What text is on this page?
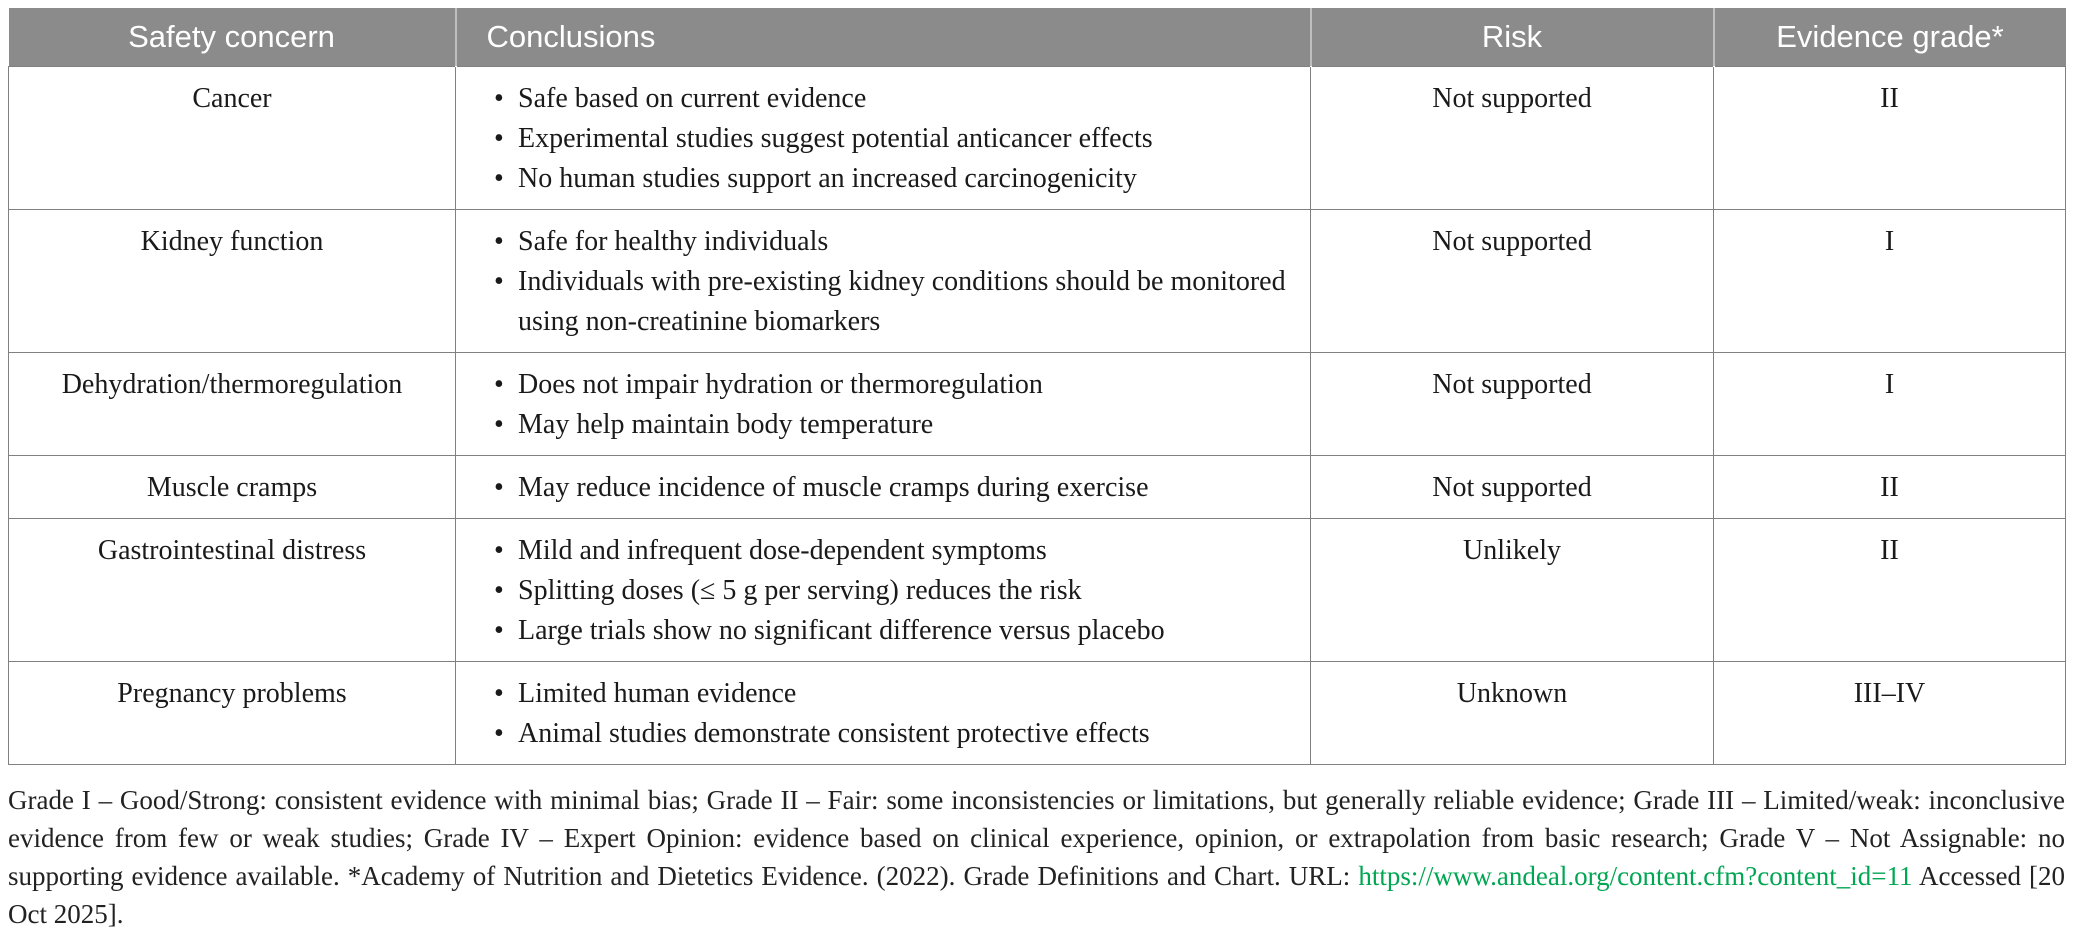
Safety concern	Conclusions	Risk	Evidence grade*
Cancer	
•Safe based on current evidence
• Experimental studies suggest potential anticancer effects
• No human studies support an increased carcinogenicity
	Not supported	II
Kidney function	
•Safe for healthy individuals
• Individuals with pre-existing kidney conditions should be monitored using non-creatinine biomarkers
	Not supported	I
Dehydration/thermoregulation	
•Does not impair hydration or thermoregulation
• May help maintain body temperature
	Not supported	I
Muscle cramps	
•May reduce incidence of muscle cramps during exercise	Not supported	II
Gastrointestinal distress	
•Mild and infrequent dose-dependent symptoms
• Splitting doses (≤ 5 g per serving) reduces the risk
• Large trials show no significant difference versus placebo
	Unlikely	II
Pregnancy problems	
•Limited human evidence
• Animal studies demonstrate consistent protective effects
	Unknown	III–IV
Grade I – Good/Strong: consistent evidence with minimal bias; Grade II – Fair: some inconsistencies or limitations, but generally reliable evidence; Grade III – Limited/weak: inconclusive evidence from few or weak studies; Grade IV – Expert Opinion: evidence based on clinical experience, opinion, or extrapolation from basic research; Grade V – Not Assignable: no supporting evidence available. *Academy of Nutrition and Dietetics Evidence. (2022). Grade Definitions and Chart. URL: https://www.andeal.org/content.cfm?content_id=11 Accessed [20 Oct 2025].
